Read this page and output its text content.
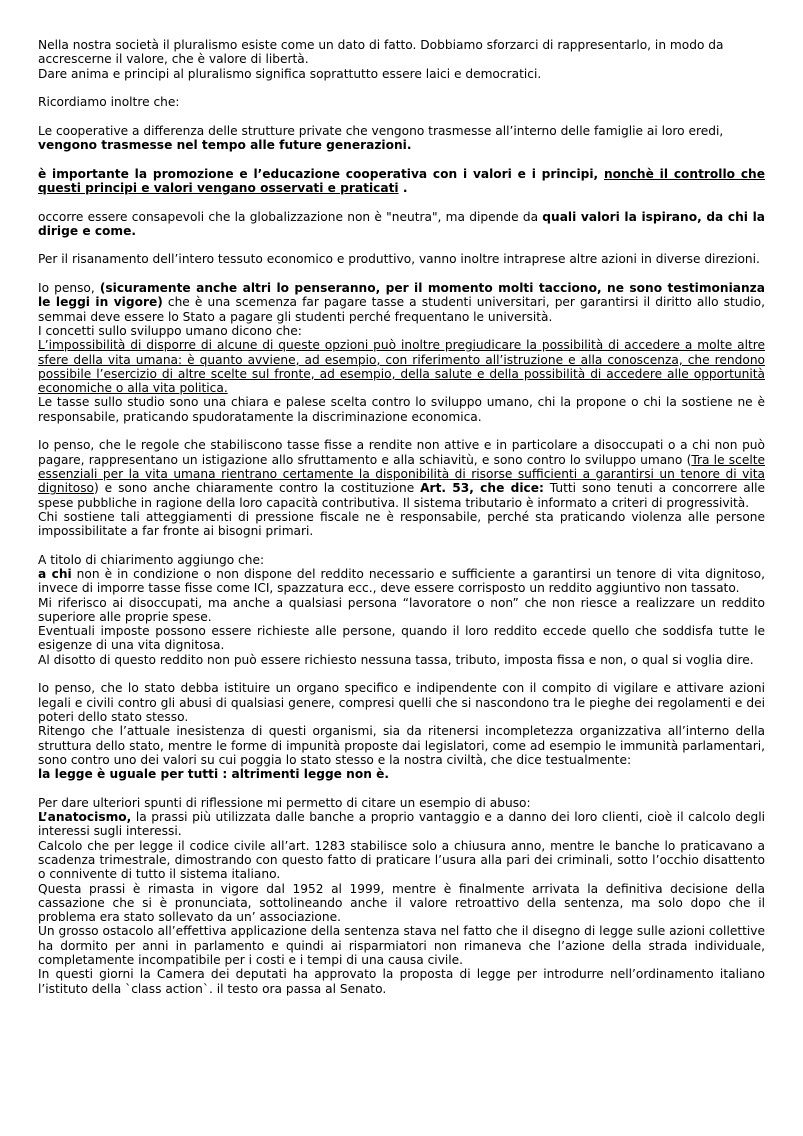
Nella nostra società il pluralismo esiste come un dato di fatto. Dobbiamo sforzarci di rappresentarlo, in modo da accrescerne il valore, che è valore di libertà.

Dare anima e principi al pluralismo significa soprattutto essere laici e democratici.

Ricordiamo inoltre che:

Le cooperative a differenza delle strutture private che vengono trasmesse all’interno delle famiglie ai loro eredi, vengono trasmesse nel tempo alle future generazioni.

è importante la promozione e l’educazione cooperativa con i valori e i principi, nonchè il controllo che questi principi e valori vengano osservati e praticati .

occorre essere consapevoli che la globalizzazione non è "neutra", ma dipende da quali valori la ispirano, da chi la dirige e come.

Per il risanamento dell’intero tessuto economico e produttivo, vanno inoltre intraprese altre azioni in diverse direzioni.

Io penso, (sicuramente anche altri lo penseranno, per il momento molti tacciono, ne sono testimonianza le leggi in vigore) che è una scemenza far pagare tasse a studenti universitari, per garantirsi il diritto allo studio, semmai deve essere lo Stato a pagare gli studenti perché frequentano le università.

I concetti sullo sviluppo umano dicono che:

L’impossibilità di disporre di alcune di queste opzioni può inoltre pregiudicare la possibilità di accedere a molte altre sfere della vita umana: è quanto avviene, ad esempio, con riferimento all’istruzione e alla conoscenza, che rendono possibile l’esercizio di altre scelte sul fronte, ad esempio, della salute e della possibilità di accedere alle opportunità economiche o alla vita politica.

Le tasse sullo studio sono una chiara e palese scelta contro lo sviluppo umano, chi la propone o chi la sostiene ne è responsabile, praticando spudoratamente la discriminazione economica.

Io penso, che le regole che stabiliscono tasse fisse a rendite non attive e in particolare a disoccupati o a chi non può pagare, rappresentano un istigazione allo sfruttamento e alla schiavitù, e sono contro lo sviluppo umano (Tra le scelte essenziali per la vita umana rientrano certamente la disponibilità di risorse sufficienti a garantirsi un tenore di vita dignitoso) e sono anche chiaramente contro la costituzione Art. 53, che dice: Tutti sono tenuti a concorrere alle spese pubbliche in ragione della loro capacità contributiva. Il sistema tributario è informato a criteri di progressività.

Chi sostiene tali atteggiamenti di pressione fiscale ne è responsabile, perché sta praticando violenza alle persone impossibilitate a far fronte ai bisogni primari.

A titolo di chiarimento aggiungo che:

a chi non è in condizione o non dispone del reddito necessario e sufficiente a garantirsi un tenore di vita dignitoso, invece di imporre tasse fisse come ICI, spazzatura ecc., deve essere corrisposto un reddito aggiuntivo non tassato.

Mi riferisco ai disoccupati, ma anche a qualsiasi persona “lavoratore o non” che non riesce a realizzare un reddito superiore alle proprie spese.

Eventuali imposte possono essere richieste alle persone, quando il loro reddito eccede quello che soddisfa tutte le esigenze di una vita dignitosa.

Al disotto di questo reddito non può essere richiesto nessuna tassa, tributo, imposta fissa e non, o qual si voglia dire.

Io penso, che lo stato debba istituire un organo specifico e indipendente con il compito di vigilare e attivare azioni legali e civili contro gli abusi di qualsiasi genere, compresi quelli che si nascondono tra le pieghe dei regolamenti e dei poteri dello stato stesso.

Ritengo che l’attuale inesistenza di questi organismi, sia da ritenersi incompletezza organizzativa all’interno della struttura dello stato, mentre le forme di impunità proposte dai legislatori, come ad esempio le immunità parlamentari, sono contro uno dei valori su cui poggia lo stato stesso e la nostra civiltà, che dice testualmente:

la legge è uguale per tutti : altrimenti legge non è.

Per dare ulteriori spunti di riflessione mi permetto di citare un esempio di abuso:

L’anatocismo, la prassi più utilizzata dalle banche a proprio vantaggio e a danno dei loro clienti, cioè il calcolo degli interessi sugli interessi.

Calcolo che per legge il codice civile all’art. 1283 stabilisce solo a chiusura anno, mentre le banche lo praticavano a scadenza trimestrale, dimostrando con questo fatto di praticare l’usura alla pari dei criminali, sotto l’occhio disattento o connivente di tutto il sistema italiano.

Questa prassi è rimasta in vigore dal 1952 al 1999, mentre è finalmente arrivata la definitiva decisione della cassazione che si è pronunciata, sottolineando anche il valore retroattivo della sentenza, ma solo dopo che il problema era stato sollevato da un’ associazione.

Un grosso ostacolo all’effettiva applicazione della sentenza stava nel fatto che il disegno di legge sulle azioni collettive ha dormito per anni in parlamento e quindi ai risparmiatori non rimaneva che l’azione della strada individuale, completamente incompatibile per i costi e i tempi di una causa civile.

In questi giorni la Camera dei deputati ha approvato la proposta di legge per introdurre nell’ordinamento italiano l’istituto della `class action`. il testo ora passa al Senato.
